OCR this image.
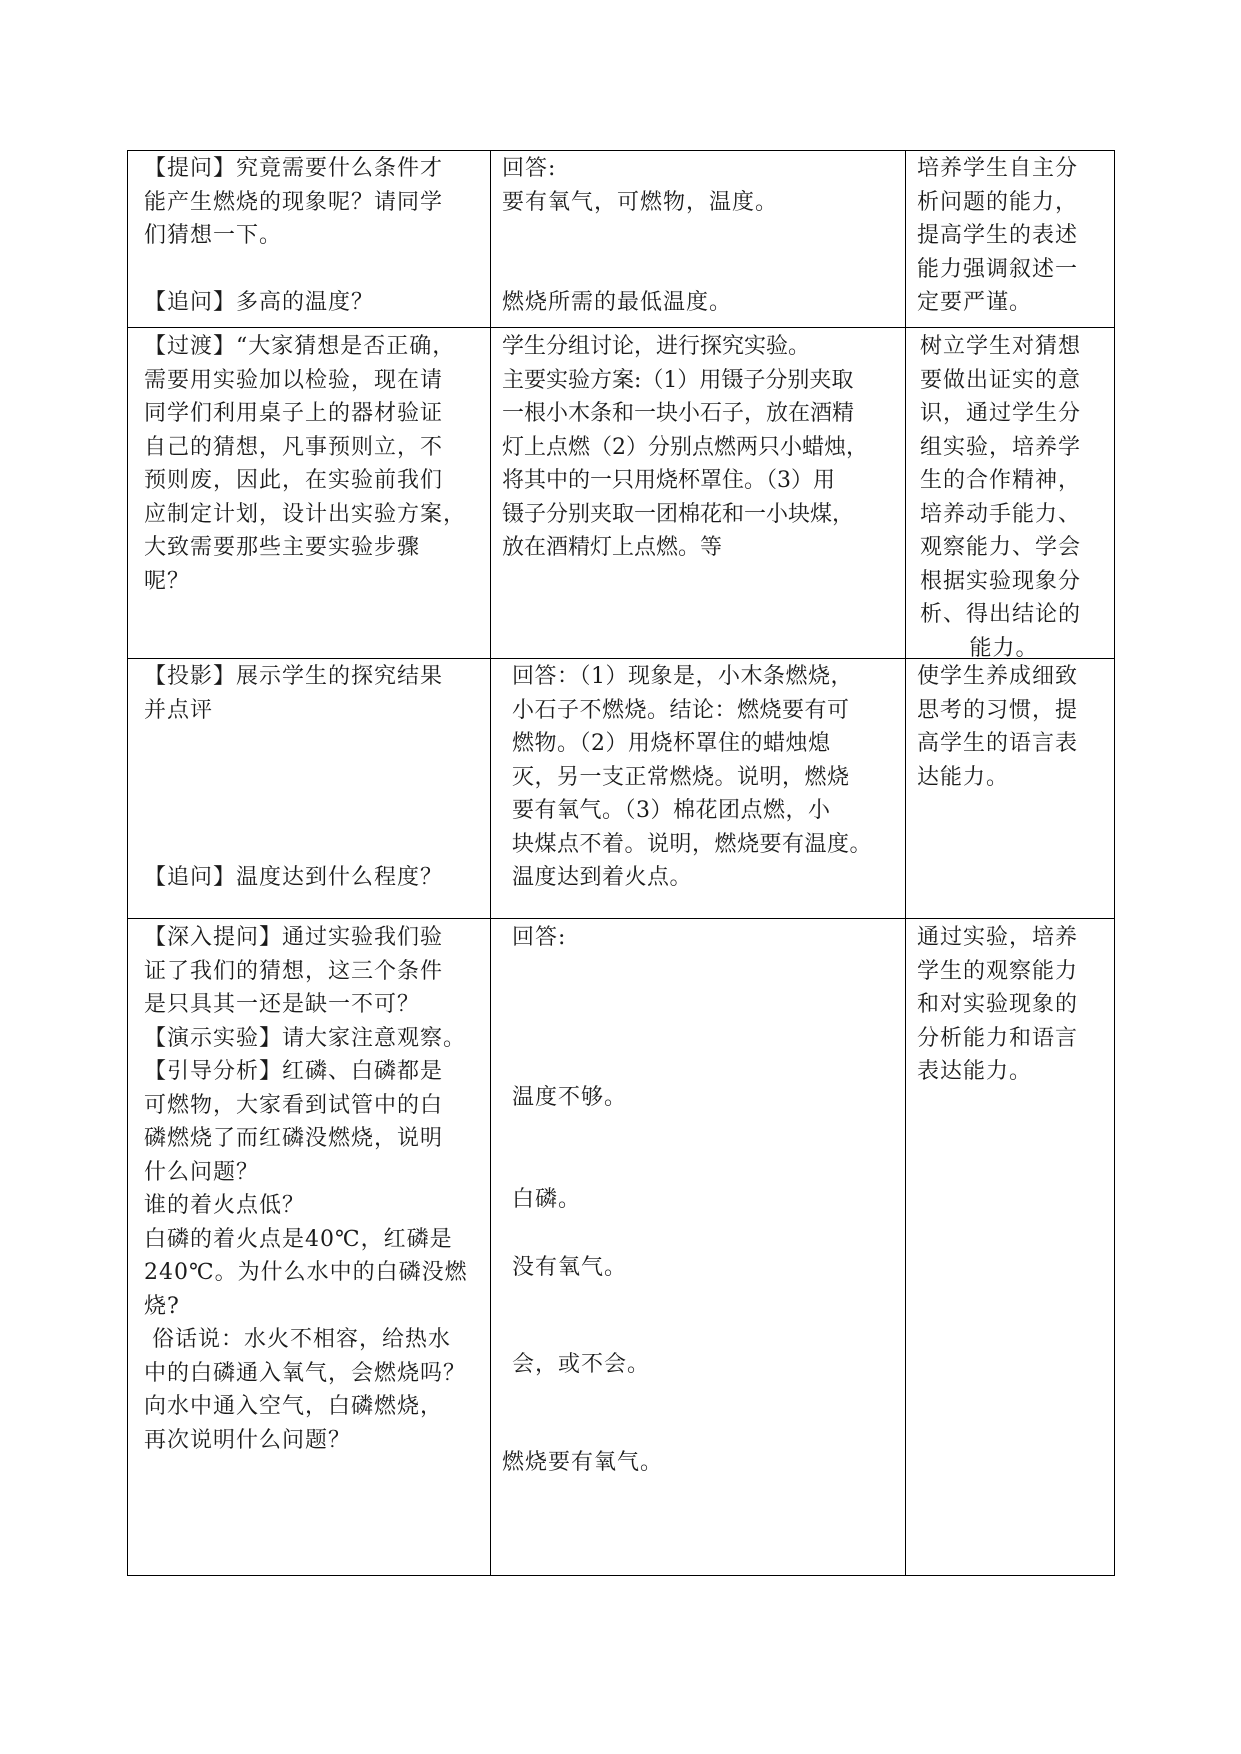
【提问】究竟需要什么条件才
能产生燃烧的现象呢？请同学
们猜想一下。
【追问】多高的温度？
回答:
要有氧气，可燃物，温度。
燃烧所需的最低温度。
培养学生自主分
析问题的能力，
提高学生的表述
能力强调叙述一
定要严谨。
【过渡】“大家猜想是否正确，
需要用实验加以检验，现在请
同学们利用桌子上的器材验证
自己的猜想，凡事预则立，不
预则废，因此，在实验前我们
应制定计划，设计出实验方案，
大致需要那些主要实验步骤
呢？
学生分组讨论，进行探究实验。
主要实验方案:（1）用镊子分别夹取
一根小木条和一块小石子，放在酒精
灯上点燃（2）分别点燃两只小蜡烛，
将其中的一只用烧杯罩住。（3）用
镊子分别夹取一团棉花和一小块煤，
放在酒精灯上点燃。等
树立学生对猜想
要做出证实的意
识，通过学生分
组实验，培养学
生的合作精神，
培养动手能力、
观察能力、学会
根据实验现象分
析、得出结论的
能力。
【投影】展示学生的探究结果
并点评
【追问】温度达到什么程度？
回答：（1）现象是，小木条燃烧，
小石子不燃烧。结论：燃烧要有可
燃物。（2）用烧杯罩住的蜡烛熄
灭，另一支正常燃烧。说明，燃烧
要有氧气。（3）棉花团点燃，小
块煤点不着。说明，燃烧要有温度。
温度达到着火点。
使学生养成细致
思考的习惯，提
高学生的语言表
达能力。
【深入提问】通过实验我们验
证了我们的猜想，这三个条件
是只具其一还是缺一不可？
【演示实验】请大家注意观察。
【引导分析】红磷、白磷都是
可燃物，大家看到试管中的白
磷燃烧了而红磷没燃烧，说明
什么问题？
谁的着火点低？
白磷的着火点是40℃，红磷是
240℃。为什么水中的白磷没燃
烧?
俗话说：水火不相容，给热水
中的白磷通入氧气，会燃烧吗？
向水中通入空气，白磷燃烧，
再次说明什么问题？
回答:
温度不够。
白磷。
没有氧气。
会，或不会。
燃烧要有氧气。
通过实验，培养
学生的观察能力
和对实验现象的
分析能力和语言
表达能力。
